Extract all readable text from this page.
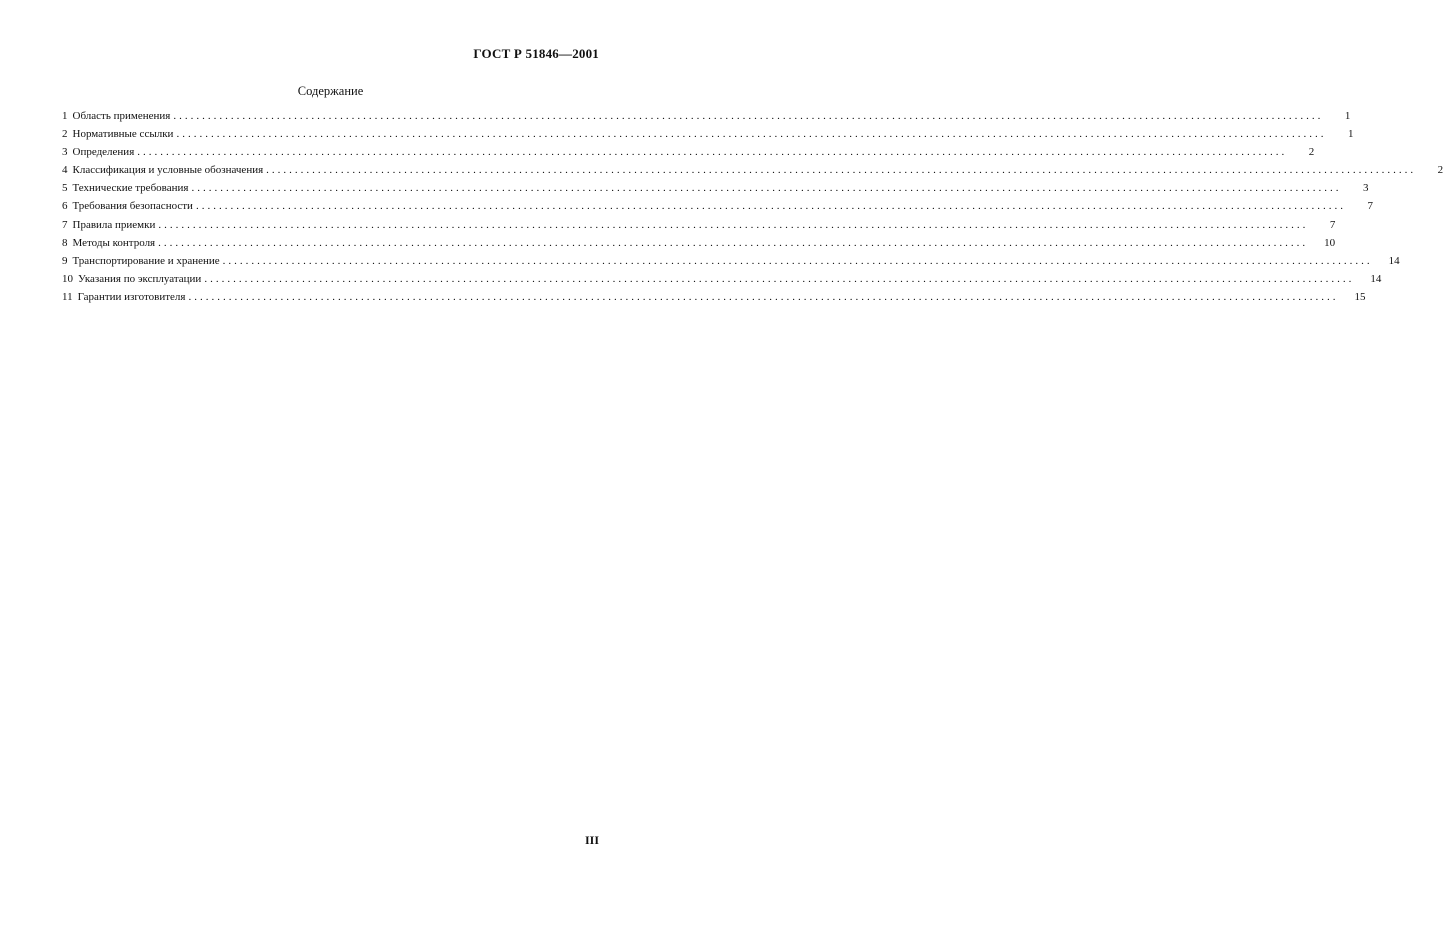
ГОСТ Р 51846—2001
Содержание
1 Область применения ........................................................................................................................................................................................................	1
2 Нормативные ссылки ........................................................................................................................................................................................................	1
3 Определения ........................................................................................................................................................................................................	2
4 Классификация и условные обозначения ........................................................................................................................................................................................................	2
5 Технические требования ........................................................................................................................................................................................................	3
6 Требования безопасности ........................................................................................................................................................................................................	7
7 Правила приемки ........................................................................................................................................................................................................	7
8 Методы контроля ........................................................................................................................................................................................................	10
9 Транспортирование и хранение ........................................................................................................................................................................................................	14
10 Указания по эксплуатации ........................................................................................................................................................................................................	14
11 Гарантии изготовителя ........................................................................................................................................................................................................	15
III
